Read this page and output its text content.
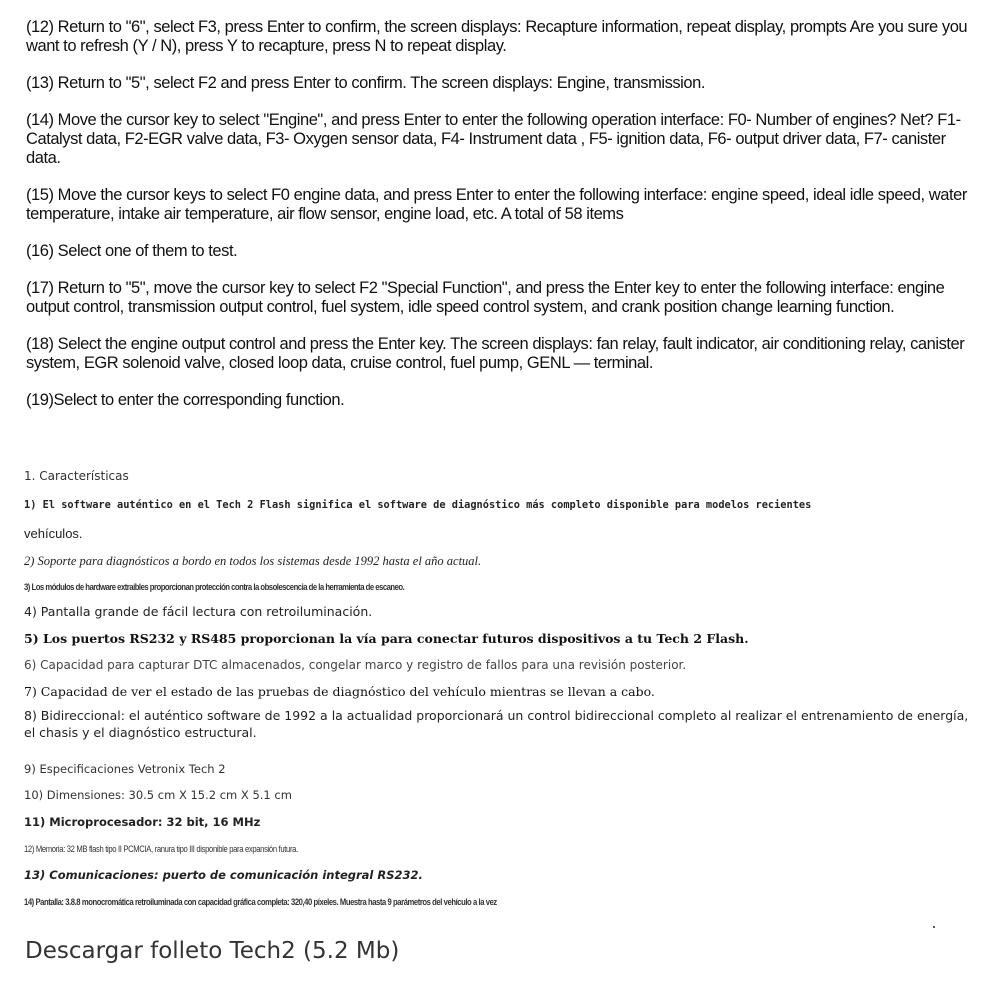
(12) Return to "6", select F3, press Enter to confirm, the screen displays: Recapture information, repeat display, prompts Are you sure you want to refresh (Y / N), press Y to recapture, press N to repeat display.

(13) Return to "5", select F2 and press Enter to confirm. The screen displays: Engine, transmission.

(14) Move the cursor key to select "Engine", and press Enter to enter the following operation interface: F0- Number of engines? Net? F1- Catalyst data, F2-EGR valve data, F3- Oxygen sensor data, F4- Instrument data , F5- ignition data, F6- output driver data, F7- canister data.

(15) Move the cursor keys to select F0 engine data, and press Enter to enter the following interface: engine speed, ideal idle speed, water temperature, intake air temperature, air flow sensor, engine load, etc. A total of 58 items

(16) Select one of them to test.

(17) Return to "5", move the cursor key to select F2 "Special Function", and press the Enter key to enter the following interface: engine output control, transmission output control, fuel system, idle speed control system, and crank position change learning function.

(18) Select the engine output control and press the Enter key. The screen displays: fan relay, fault indicator, air conditioning relay, canister system, EGR solenoid valve, closed loop data, cruise control, fuel pump, GENL — terminal.

(19)Select to enter the corresponding function.

1. Características

1) El software auténtico en el Tech 2 Flash significa el software de diagnóstico más completo disponible para modelos recientes

vehículos.

2) Soporte para diagnósticos a bordo en todos los sistemas desde 1992 hasta el año actual.

3) Los módulos de hardware extraíbles proporcionan protección contra la obsolescencia de la herramienta de escaneo.

4) Pantalla grande de fácil lectura con retroiluminación.

5) Los puertos RS232 y RS485 proporcionan la vía para conectar futuros dispositivos a tu Tech 2 Flash.

6) Capacidad para capturar DTC almacenados, congelar marco y registro de fallos para una revisión posterior.

7) Capacidad de ver el estado de las pruebas de diagnóstico del vehículo mientras se llevan a cabo.

8) Bidireccional: el auténtico software de 1992 a la actualidad proporcionará un control bidireccional completo al realizar el entrenamiento de energía, el chasis y el diagnóstico estructural.

9) Especificaciones Vetronix Tech 2

10) Dimensiones: 30.5 cm X 15.2 cm X 5.1 cm

11) Microprocesador: 32 bit, 16 MHz

12) Memoria: 32 MB flash tipo II PCMCIA, ranura tipo III disponible para expansión futura.

13) Comunicaciones: puerto de comunicación integral RS232.

14) Pantalla: 3.8.8 monocromática retroiluminada con capacidad gráfica completa: 320,40 píxeles. Muestra hasta 9 parámetros del vehículo a la vez

Descargar folleto Tech2 (5.2 Mb)
